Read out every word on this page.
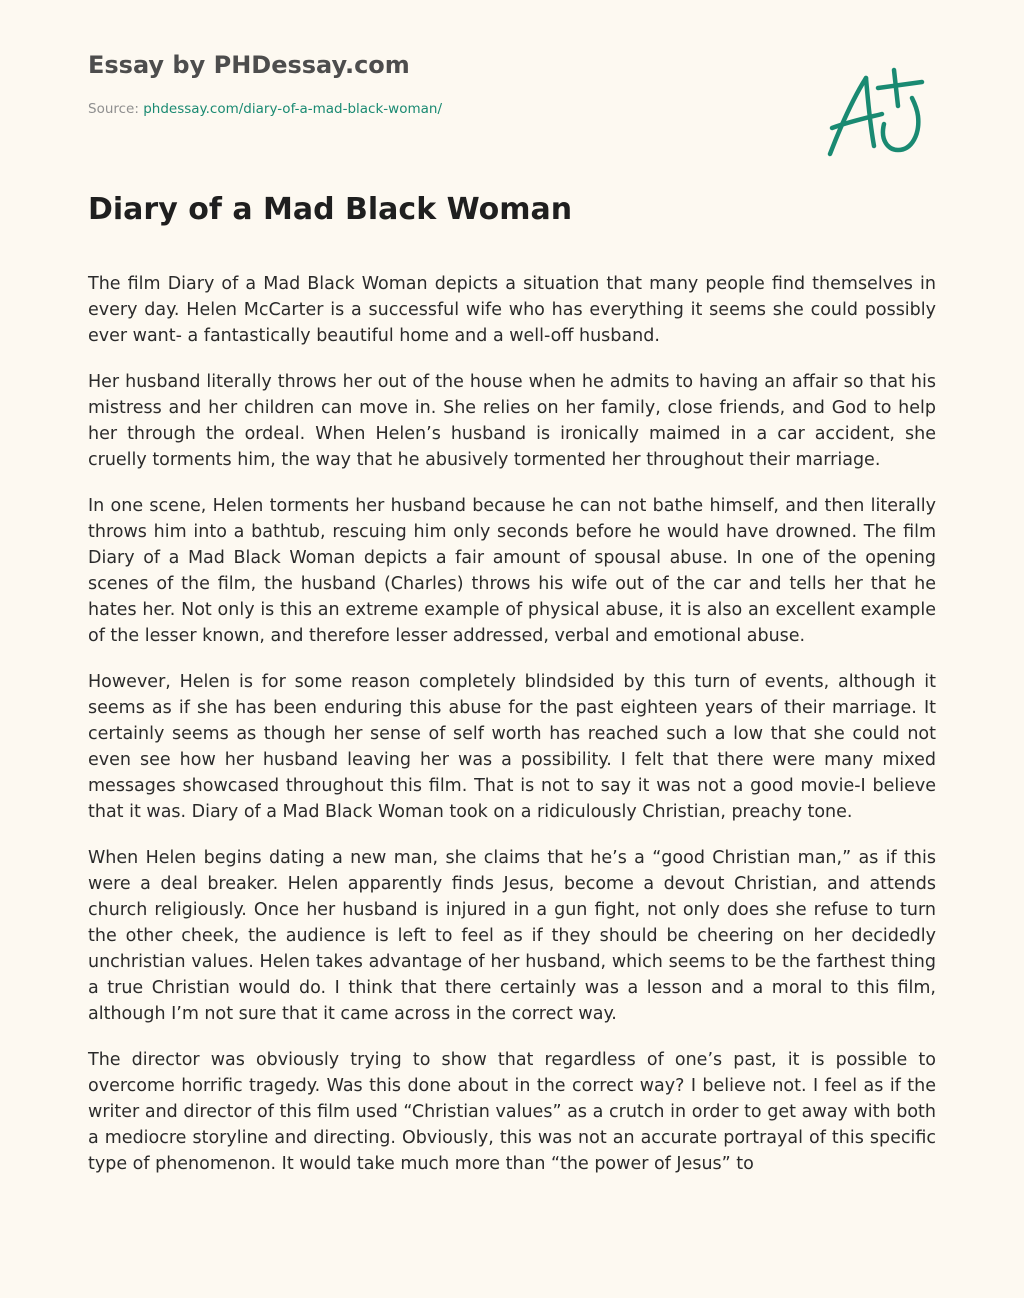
Essay by PHDessay.com
Source: phdessay.com/diary-of-a-mad-black-woman/
Diary of a Mad Black Woman

The film Diary of a Mad Black Woman depicts a situation that many people find themselves in every day. Helen McCarter is a successful wife who has everything it seems she could possibly ever want- a fantastically beautiful home and a well-off husband.

Her husband literally throws her out of the house when he admits to having an affair so that his mistress and her children can move in. She relies on her family, close friends, and God to help her through the ordeal. When Helen’s husband is ironically maimed in a car accident, she cruelly torments him, the way that he abusively tormented her throughout their marriage.

In one scene, Helen torments her husband because he can not bathe himself, and then literally throws him into a bathtub, rescuing him only seconds before he would have drowned. The film Diary of a Mad Black Woman depicts a fair amount of spousal abuse. In one of the opening scenes of the film, the husband (Charles) throws his wife out of the car and tells her that he hates her. Not only is this an extreme example of physical abuse, it is also an excellent example of the lesser known, and therefore lesser addressed, verbal and emotional abuse.

However, Helen is for some reason completely blindsided by this turn of events, although it seems as if she has been enduring this abuse for the past eighteen years of their marriage. It certainly seems as though her sense of self worth has reached such a low that she could not even see how her husband leaving her was a possibility. I felt that there were many mixed messages showcased throughout this film. That is not to say it was not a good movie-I believe that it was. Diary of a Mad Black Woman took on a ridiculously Christian, preachy tone.

When Helen begins dating a new man, she claims that he’s a “good Christian man,” as if this were a deal breaker. Helen apparently finds Jesus, become a devout Christian, and attends church religiously. Once her husband is injured in a gun fight, not only does she refuse to turn the other cheek, the audience is left to feel as if they should be cheering on her decidedly unchristian values. Helen takes advantage of her husband, which seems to be the farthest thing a true Christian would do. I think that there certainly was a lesson and a moral to this film, although I’m not sure that it came across in the correct way.

The director was obviously trying to show that regardless of one’s past, it is possible to overcome horrific tragedy. Was this done about in the correct way? I believe not. I feel as if the writer and director of this film used “Christian values” as a crutch in order to get away with both a mediocre storyline and directing. Obviously, this was not an accurate portrayal of this specific type of phenomenon. It would take much more than “the power of Jesus” to
